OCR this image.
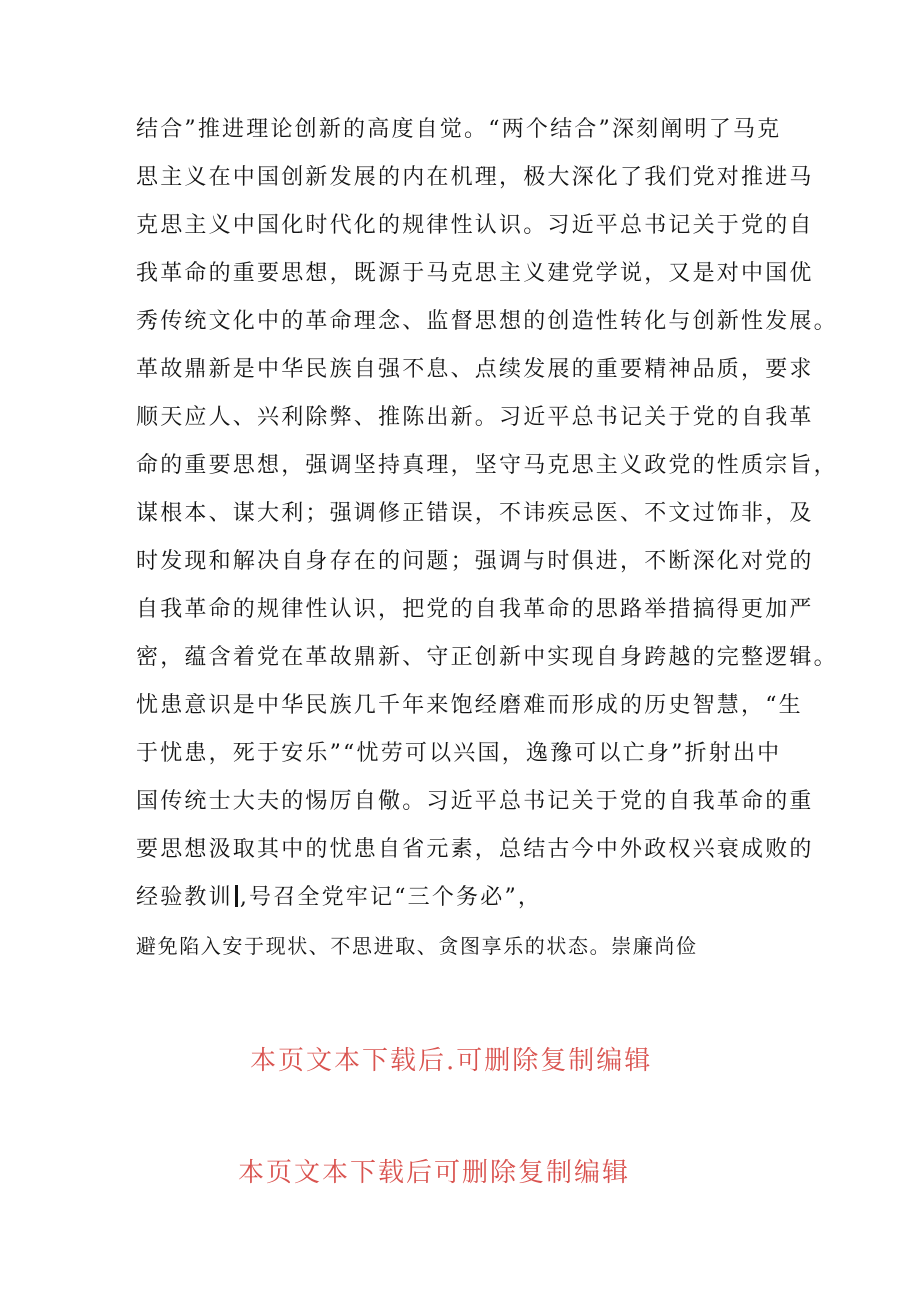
结合”推进理论创新的高度自觉。“两个结合”深刻阐明了马克
思主义在中国创新发展的内在机理，极大深化了我们党对推进马
克思主义中国化时代化的规律性认识。习近平总书记关于党的自
我革命的重要思想，既源于马克思主义建党学说，又是对中国优
秀传统文化中的革命理念、监督思想的创造性转化与创新性发展。
革故鼎新是中华民族自强不息、点续发展的重要精神品质，要求
顺天应人、兴利除弊、推陈出新。习近平总书记关于党的自我革
命的重要思想，强调坚持真理，坚守马克思主义政党的性质宗旨，
谋根本、谋大利；强调修正错误，不讳疾忌医、不文过饰非，及
时发现和解决自身存在的问题；强调与时俱进，不断深化对党的
自我革命的规律性认识，把党的自我革命的思路举措搞得更加严
密，蕴含着党在革故鼎新、守正创新中实现自身跨越的完整逻辑。
忧患意识是中华民族几千年来饱经磨难而形成的历史智慧，“生
于忧患，死于安乐”“忧劳可以兴国，逸豫可以亡身”折射出中
国传统士大夫的惕厉自儆。习近平总书记关于党的自我革命的重
要思想汲取其中的忧患自省元素，总结古今中外政权兴衰成败的
经验教训 ,号召全党牢记“三个务必”，
避免陷入安于现状、不思进取、贪图享乐的状态。崇廉尚俭
本页文本下载后.可删除复制编辑
本页文本下载后可删除复制编辑
